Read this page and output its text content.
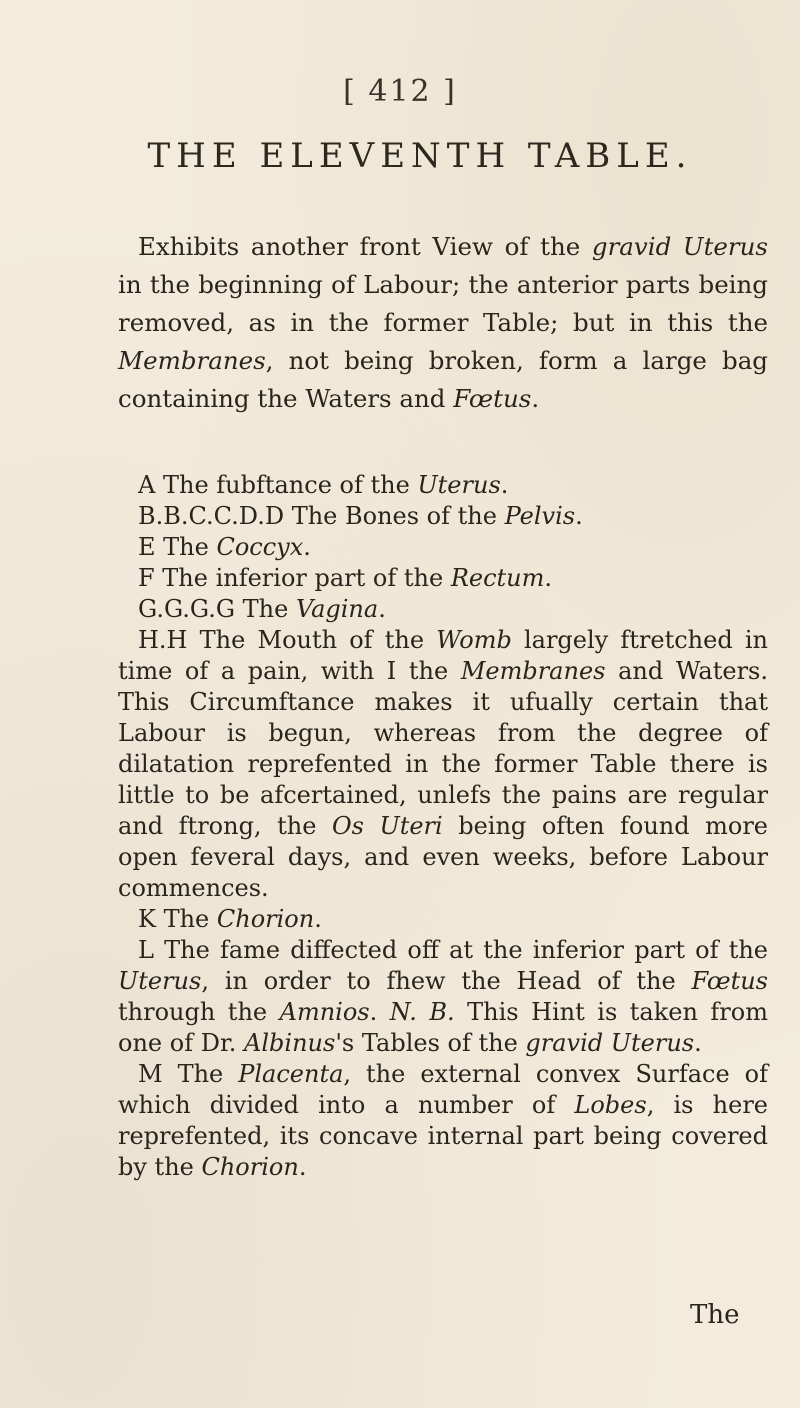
[ 412 ]
THE ELEVENTH TABLE.
Exhibits another front View of the gravid Uterus in the beginning of Labour; the anterior parts being removed, as in the former Table; but in this the Membranes, not being broken, form a large bag containing the Waters and Fœtus.

A The fubftance of the Uterus.

B.B.C.C.D.D The Bones of the Pelvis.

E The Coccyx.

F The inferior part of the Rectum.

G.G.G.G The Vagina.

H.H The Mouth of the Womb largely ftretched in time of a pain, with I the Membranes and Waters. This Circumftance makes it ufually certain that Labour is begun, whereas from the degree of dilatation reprefented in the former Table there is little to be afcertained, unlefs the pains are regular and ftrong, the Os Uteri being often found more open feveral days, and even weeks, before Labour commences.

K The Chorion.

L The fame diffected off at the inferior part of the Uterus, in order to fhew the Head of the Fœtus through the Amnios. N. B. This Hint is taken from one of Dr. Albinus's Tables of the gravid Uterus.

M The Placenta, the external convex Surface of which divided into a number of Lobes, is here reprefented, its concave internal part being covered by the Chorion.

The
